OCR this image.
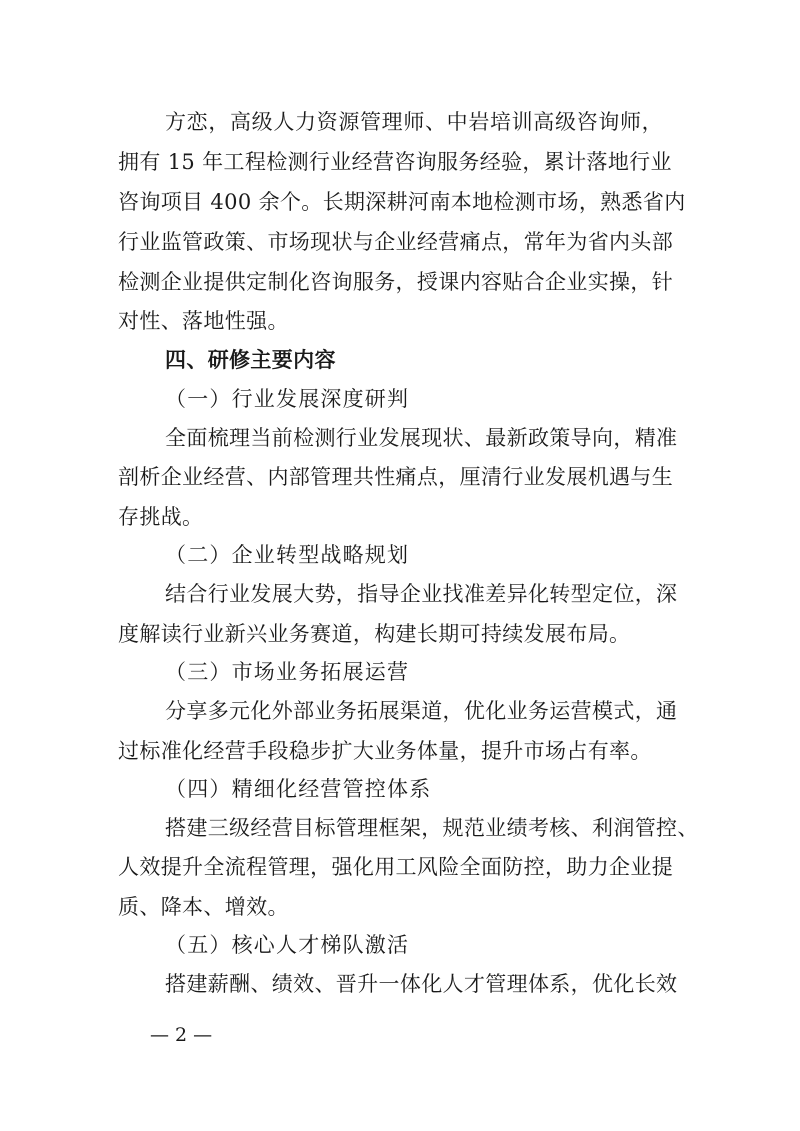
方恋，高级人力资源管理师、中岩培训高级咨询师，
拥有 15 年工程检测行业经营咨询服务经验，累计落地行业
咨询项目 400 余个。长期深耕河南本地检测市场，熟悉省内
行业监管政策、市场现状与企业经营痛点，常年为省内头部
检测企业提供定制化咨询服务，授课内容贴合企业实操，针
对性、落地性强。
四、研修主要内容
（一）行业发展深度研判
全面梳理当前检测行业发展现状、最新政策导向，精准
剖析企业经营、内部管理共性痛点，厘清行业发展机遇与生
存挑战。
（二）企业转型战略规划
结合行业发展大势，指导企业找准差异化转型定位，深
度解读行业新兴业务赛道，构建长期可持续发展布局。
（三）市场业务拓展运营
分享多元化外部业务拓展渠道，优化业务运营模式，通
过标准化经营手段稳步扩大业务体量，提升市场占有率。
（四）精细化经营管控体系
搭建三级经营目标管理框架，规范业绩考核、利润管控、
人效提升全流程管理，强化用工风险全面防控，助力企业提
质、降本、增效。
（五）核心人才梯队激活
搭建薪酬、绩效、晋升一体化人才管理体系，优化长效
— 2 —
